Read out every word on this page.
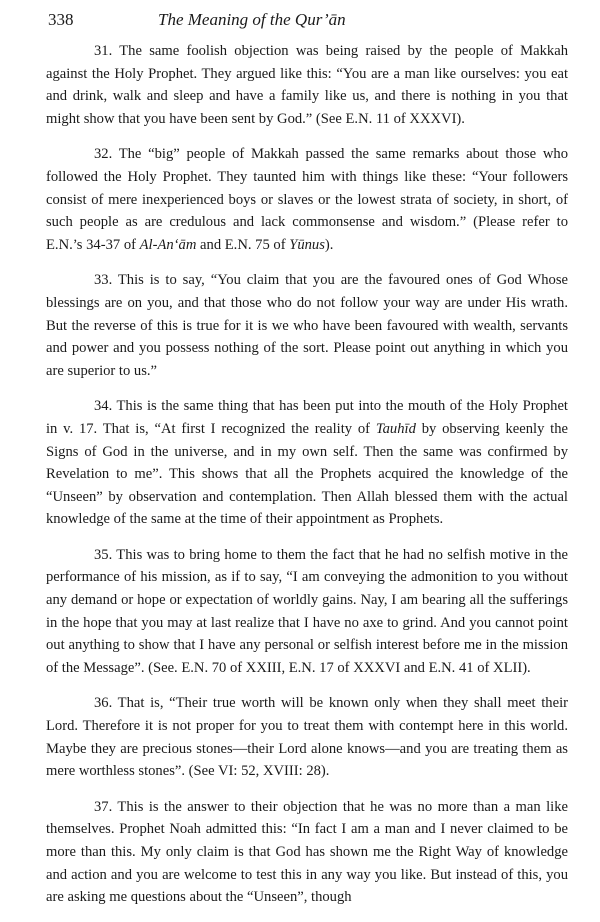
338	The Meaning of the Qur’ān

31. The same foolish objection was being raised by the people of Makkah against the Holy Prophet. They argued like this: “You are a man like ourselves: you eat and drink, walk and sleep and have a family like us, and there is nothing in you that might show that you have been sent by God.” (See E.N. 11 of XXXVI).

32. The “big” people of Makkah passed the same remarks about those who followed the Holy Prophet. They taunted him with things like these: “Your followers consist of mere inexperienced boys or slaves or the lowest strata of society, in short, of such people as are credulous and lack commonsense and wisdom.” (Please refer to E.N.’s 34-37 of Al-An‘ām and E.N. 75 of Yūnus).

33. This is to say, “You claim that you are the favoured ones of God Whose blessings are on you, and that those who do not follow your way are under His wrath. But the reverse of this is true for it is we who have been favoured with wealth, servants and power and you possess nothing of the sort. Please point out anything in which you are superior to us.”

34. This is the same thing that has been put into the mouth of the Holy Prophet in v. 17. That is, “At first I recognized the reality of Tauhīd by observing keenly the Signs of God in the universe, and in my own self. Then the same was confirmed by Revelation to me”. This shows that all the Prophets acquired the knowledge of the “Unseen” by observation and contemplation. Then Allah blessed them with the actual knowledge of the same at the time of their appointment as Prophets.

35. This was to bring home to them the fact that he had no selfish motive in the performance of his mission, as if to say, “I am conveying the admonition to you without any demand or hope or expectation of worldly gains. Nay, I am bearing all the sufferings in the hope that you may at last realize that I have no axe to grind. And you cannot point out anything to show that I have any personal or selfish interest before me in the mission of the Message”. (See. E.N. 70 of XXIII, E.N. 17 of XXXVI and E.N. 41 of XLII).

36. That is, “Their true worth will be known only when they shall meet their Lord. Therefore it is not proper for you to treat them with contempt here in this world. Maybe they are precious stones—their Lord alone knows—and you are treating them as mere worthless stones”. (See VI: 52, XVIII: 28).

37. This is the answer to their objection that he was no more than a man like themselves. Prophet Noah admitted this: “In fact I am a man and I never claimed to be more than this. My only claim is that God has shown me the Right Way of knowledge and action and you are welcome to test this in any way you like. But instead of this, you are asking me questions about the “Unseen”, though
